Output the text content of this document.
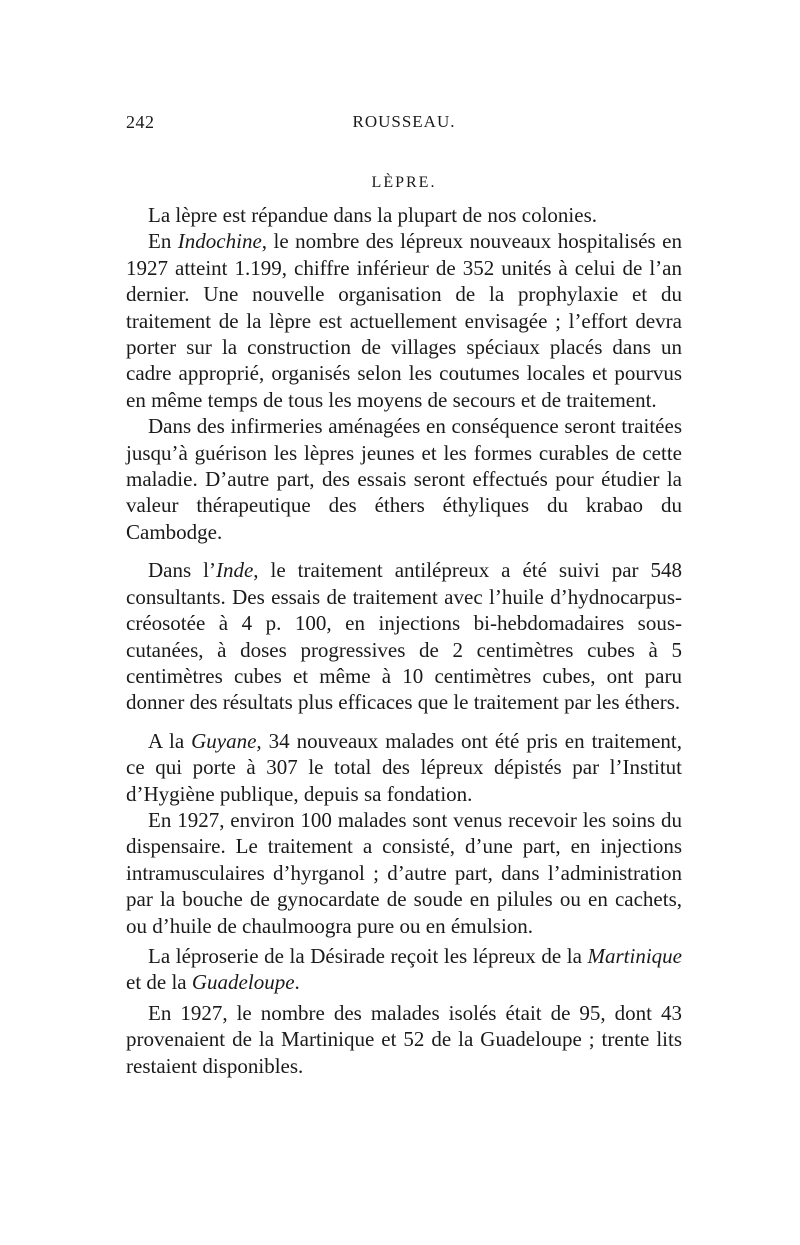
242	ROUSSEAU.
LÈPRE.

La lèpre est répandue dans la plupart de nos colonies.

En Indochine, le nombre des lépreux nouveaux hospitalisés en 1927 atteint 1.199, chiffre inférieur de 352 unités à celui de l’an dernier. Une nouvelle organisation de la prophylaxie et du traitement de la lèpre est actuellement envisagée ; l’effort devra porter sur la construction de villages spéciaux placés dans un cadre approprié, organisés selon les coutumes locales et pourvus en même temps de tous les moyens de secours et de traitement.

Dans des infirmeries aménagées en conséquence seront traitées jusqu’à guérison les lèpres jeunes et les formes curables de cette maladie. D’autre part, des essais seront effectués pour étudier la valeur thérapeutique des éthers éthyliques du krabao du Cambodge.

Dans l’Inde, le traitement antilépreux a été suivi par 548 consultants. Des essais de traitement avec l’huile d’hydnocarpus-créosotée à 4 p. 100, en injections bi-hebdomadaires sous-cutanées, à doses progressives de 2 centimètres cubes à 5 centimètres cubes et même à 10 centimètres cubes, ont paru donner des résultats plus efficaces que le traitement par les éthers.

A la Guyane, 34 nouveaux malades ont été pris en traitement, ce qui porte à 307 le total des lépreux dépistés par l’Institut d’Hygiène publique, depuis sa fondation.

En 1927, environ 100 malades sont venus recevoir les soins du dispensaire. Le traitement a consisté, d’une part, en injections intramusculaires d’hyrganol ; d’autre part, dans l’administration par la bouche de gynocardate de soude en pilules ou en cachets, ou d’huile de chaulmoogra pure ou en émulsion.

La léproserie de la Désirade reçoit les lépreux de la Martinique et de la Guadeloupe.

En 1927, le nombre des malades isolés était de 95, dont 43 provenaient de la Martinique et 52 de la Guadeloupe ; trente lits restaient disponibles.
